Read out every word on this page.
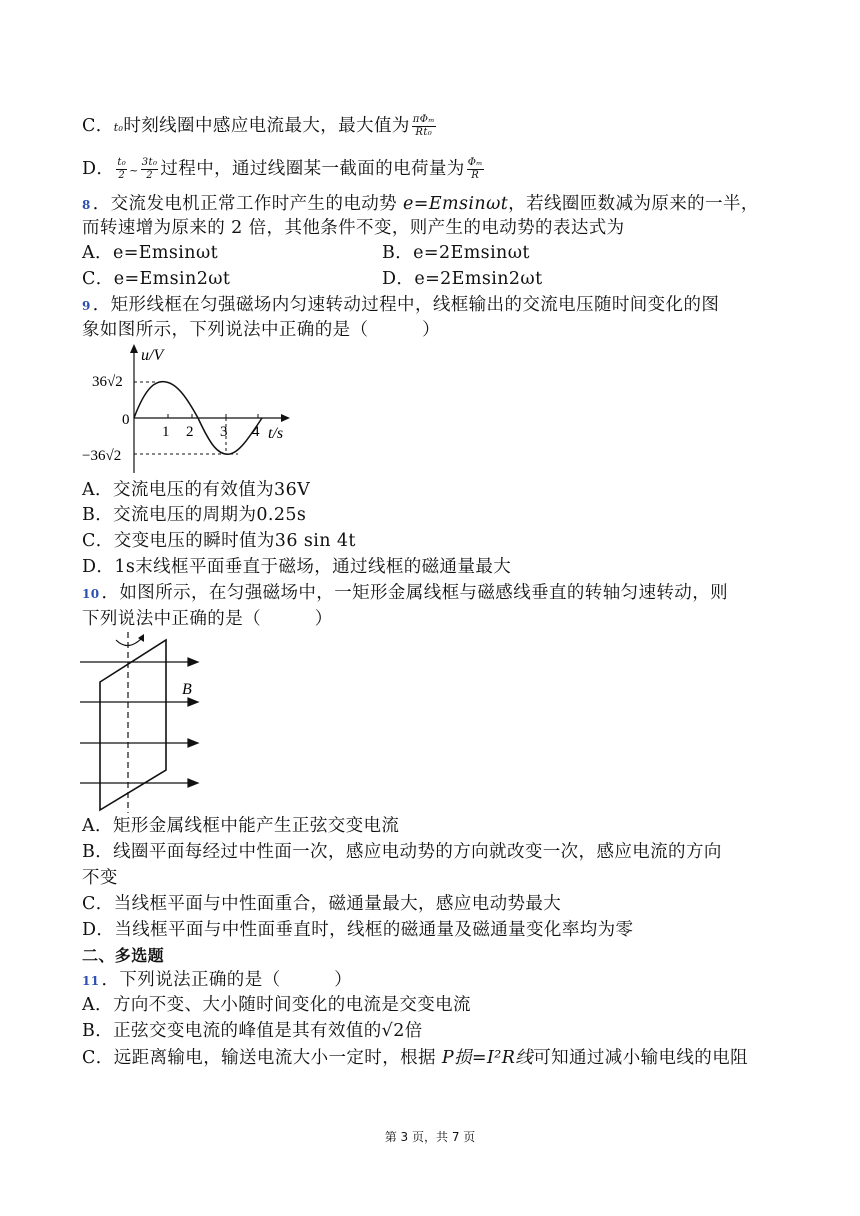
C．t₀时刻线圈中感应电流最大，最大值为 $\frac{\text{πΦₘ}}{\text{Rt₀}}$
D． $\frac{\text{t₀}}{2}$ ~ $\frac{\text{3t₀}}{2}$ 过程中，通过线圈某一截面的电荷量为 $\frac{\text{Φₘ}}{R}$
8 ．交流发电机正常工作时产生的电动势 e=Emsinωt，若线圈匝数减为原来的一半，
而转速增为原来的 2 倍，其他条件不变，则产生的电动势的表达式为
A．e=Emsinωt	B．e=2Emsinωt
C．e=Emsin2ωt	D．e=2Emsin2ωt
9 ．矩形线框在匀强磁场内匀速转动过程中，线框输出的交流电压随时间变化的图
象如图所示，下列说法中正确的是（　　　）
u/V
t/s
36√2
−36√2
0
1 2 3 4
A．交流电压的有效值为36V
B．交流电压的周期为0.25s
C．交变电压的瞬时值为36 sin 4t
D．1s末线框平面垂直于磁场，通过线框的磁通量最大
10 ．如图所示，在匀强磁场中，一矩形金属线框与磁感线垂直的转轴匀速转动，则
下列说法中正确的是（　　　）
B
A．矩形金属线框中能产生正弦交变电流
B．线圈平面每经过中性面一次，感应电动势的方向就改变一次，感应电流的方向
不变
C．当线框平面与中性面重合，磁通量最大，感应电动势最大
D．当线框平面与中性面垂直时，线框的磁通量及磁通量变化率均为零
二、多选题
11 ．下列说法正确的是（　　　）
A．方向不变、大小随时间变化的电流是交变电流
B．正弦交变电流的峰值是其有效值的√2倍
C．远距离输电，输送电流大小一定时，根据 P损=I²R线可知通过减小输电线的电阻
第 3 页，共 7 页
